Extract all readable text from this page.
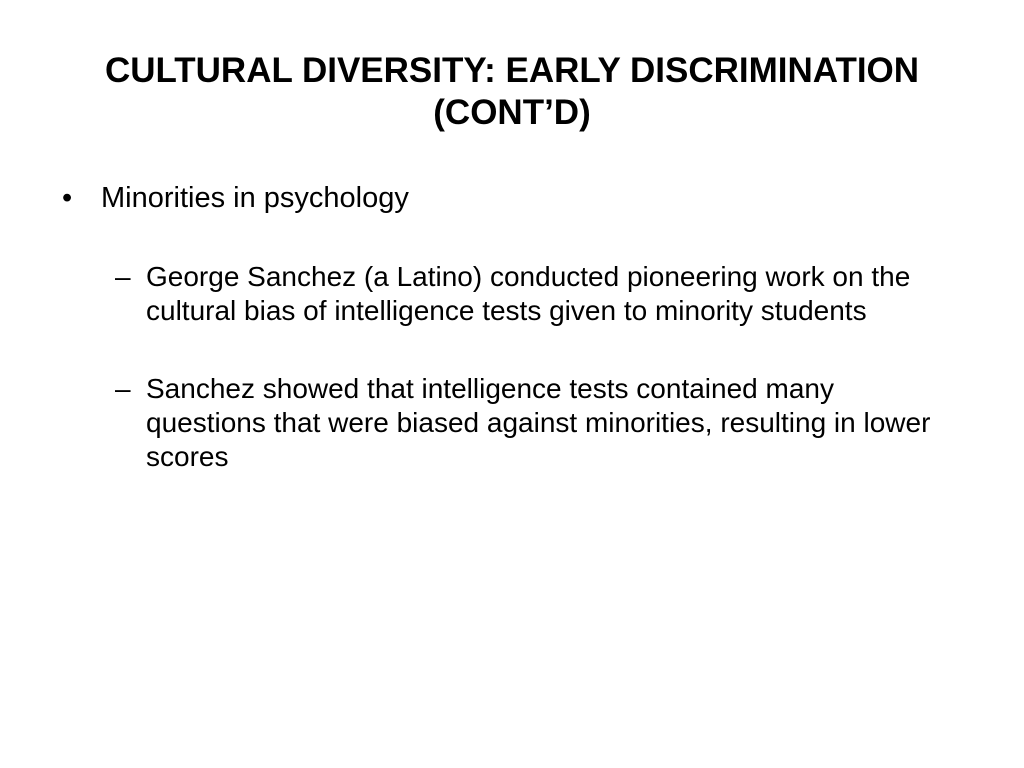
CULTURAL DIVERSITY: EARLY DISCRIMINATION (CONT’D)
• Minorities in psychology
– George Sanchez (a Latino) conducted pioneering work on the cultural bias of intelligence tests given to minority students
– Sanchez showed that intelligence tests contained many questions that were biased against minorities, resulting in lower scores
